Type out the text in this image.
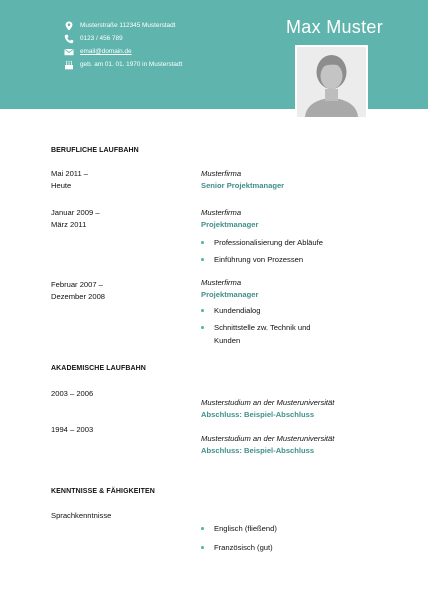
Musterstraße 112345 Musterstadt
0123 / 456 789
email@domain.de
geb. am 01. 01. 1970 in Musterstadt
Max Muster
BERUFLICHE LAUFBAHN
Mai 2011 –
Heute
Musterfirma
Senior Projektmanager
Januar 2009 –
März 2011
Musterfirma
Projektmanager
Professionalisierung der Abläufe
Einführung von Prozessen
Februar 2007 –
Dezember 2008
Musterfirma
Projektmanager
Kundendialog
Schnittstelle zw. Technik und Kunden
AKADEMISCHE LAUFBAHN
2003 – 2006
Musterstudium an der Musteruniversität
Abschluss: Beispiel-Abschluss
1994 – 2003
Musterstudium an der Musteruniversität
Abschluss: Beispiel-Abschluss
KENNTNISSE & FÄHIGKEITEN
Sprachkenntnisse
Englisch (fließend)
Französisch (gut)
